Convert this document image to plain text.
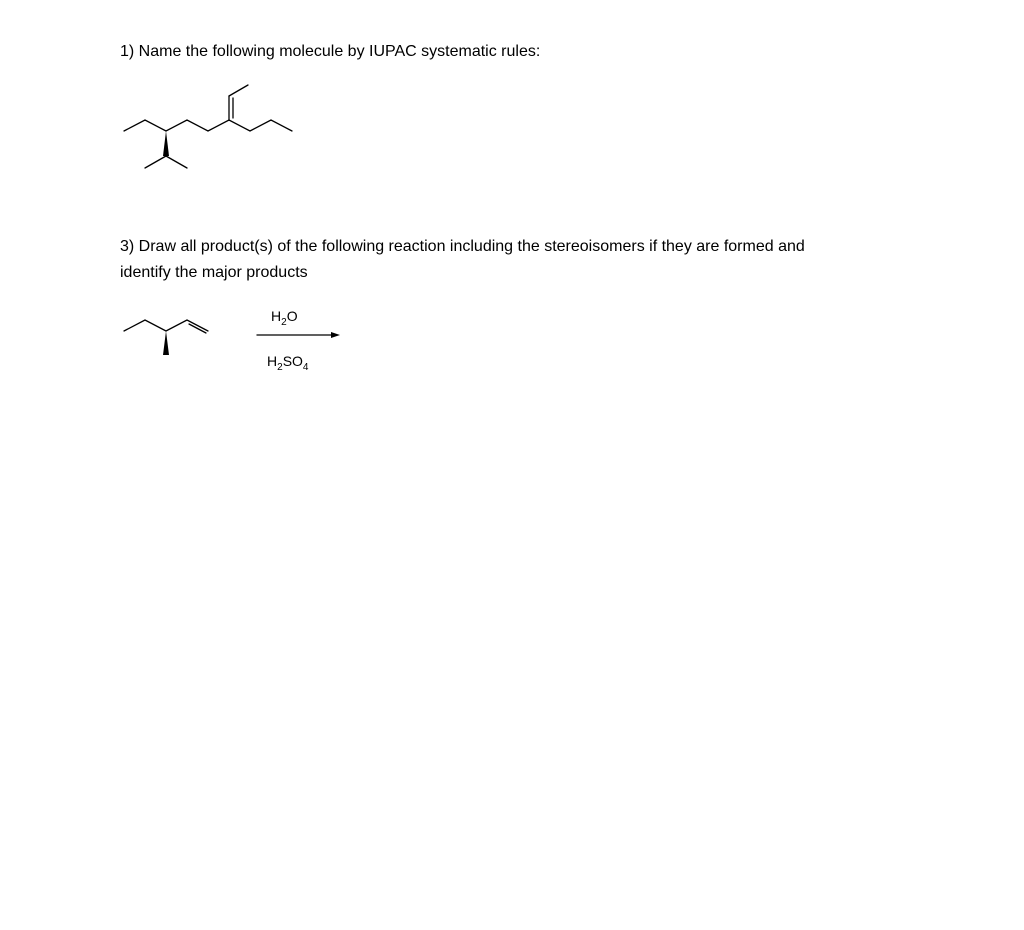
1) Name the following molecule by IUPAC systematic rules:

3) Draw all product(s) of the following reaction including the stereoisomers if they are formed and
identify the major products

$H_2O$
$H_2SO_4$
